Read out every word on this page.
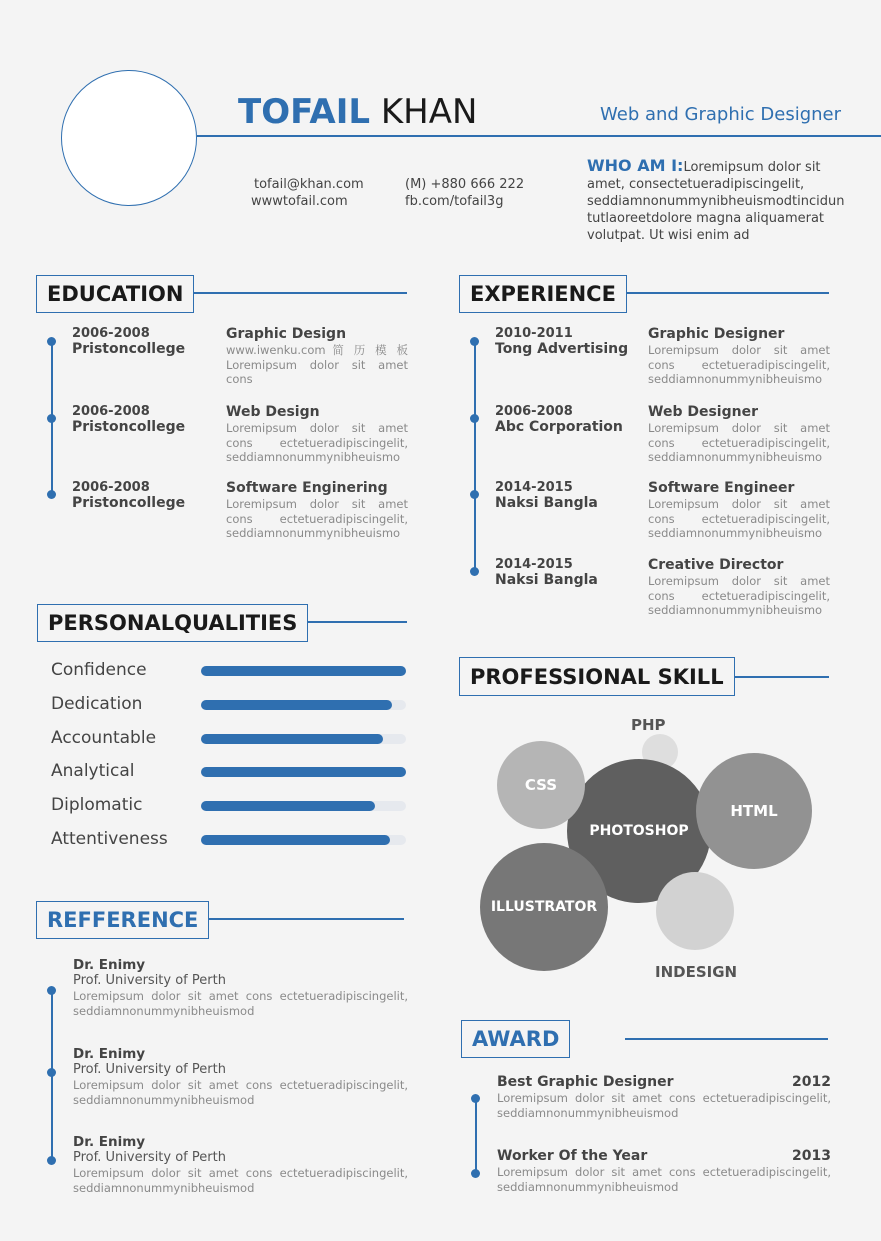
TOFAIL KHAN	Web and Graphic Designer
tofail@khan.com
wwwtofail.com
(M) +880 666 222
fb.com/tofail3g
WHO AM I:Loremipsum dolor sit amet, consectetueradipiscingelit, seddiamnonummynibheuismodtincidun tutlaoreetdolore magna aliquamerat volutpat. Ut wisi enim ad
EDUCATION
2006-2008
Pristoncollege
Graphic Design
www.iwenku.com 简 历 模 板 Loremipsum dolor sit amet cons
2006-2008
Pristoncollege
Web Design
Loremipsum dolor sit amet cons ectetueradipiscingelit, seddiamnonummynibheuismo
2006-2008
Pristoncollege
Software Enginering
Loremipsum dolor sit amet cons ectetueradipiscingelit, seddiamnonummynibheuismo
EXPERIENCE
2010-2011
Tong Advertising
Graphic Designer
Loremipsum dolor sit amet cons ectetueradipiscingelit, seddiamnonummynibheuismo
2006-2008
Abc Corporation
Web Designer
Loremipsum dolor sit amet cons ectetueradipiscingelit, seddiamnonummynibheuismo
2014-2015
Naksi Bangla
Software Engineer
Loremipsum dolor sit amet cons ectetueradipiscingelit, seddiamnonummynibheuismo
2014-2015
Naksi Bangla
Creative Director
Loremipsum dolor sit amet cons ectetueradipiscingelit, seddiamnonummynibheuismo
PERSONALQUALITIES
Confidence
Dedication
Accountable
Analytical
Diplomatic
Attentiveness
PROFESSIONAL SKILL
PHP
PHOTOSHOP
CSS
HTML
ILLUSTRATOR
INDESIGN
REFFERENCE
Dr. Enimy
Prof. University of Perth
Loremipsum dolor sit amet cons ectetueradipiscingelit, seddiamnonummynibheuismod
Dr. Enimy
Prof. University of Perth
Loremipsum dolor sit amet cons ectetueradipiscingelit, seddiamnonummynibheuismod
Dr. Enimy
Prof. University of Perth
Loremipsum dolor sit amet cons ectetueradipiscingelit, seddiamnonummynibheuismod
AWARD
Best Graphic Designer	2012
Loremipsum dolor sit amet cons ectetueradipiscingelit, seddiamnonummynibheuismod
Worker Of the Year	2013
Loremipsum dolor sit amet cons ectetueradipiscingelit, seddiamnonummynibheuismod
